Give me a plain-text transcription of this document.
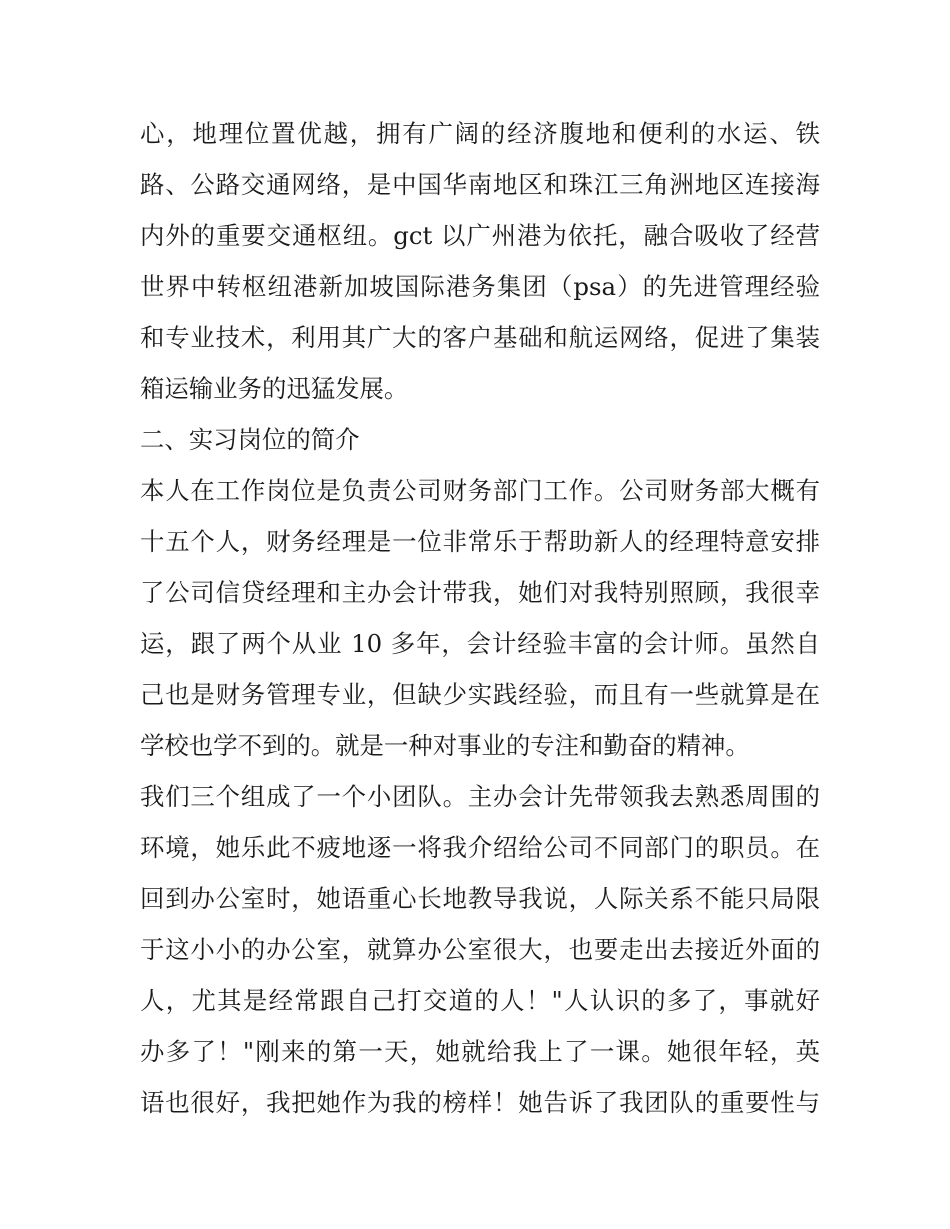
心，地理位置优越，拥有广阔的经济腹地和便利的水运、铁
路、公路交通网络，是中国华南地区和珠江三角洲地区连接海
内外的重要交通枢纽。gct 以广州港为依托，融合吸收了经营
世界中转枢纽港新加坡国际港务集团（psa）的先进管理经验
和专业技术，利用其广大的客户基础和航运网络，促进了集装
箱运输业务的迅猛发展。
二、实习岗位的简介
本人在工作岗位是负责公司财务部门工作。公司财务部大概有
十五个人，财务经理是一位非常乐于帮助新人的经理特意安排
了公司信贷经理和主办会计带我，她们对我特别照顾，我很幸
运，跟了两个从业 10 多年，会计经验丰富的会计师。虽然自
己也是财务管理专业，但缺少实践经验，而且有一些就算是在
学校也学不到的。就是一种对事业的专注和勤奋的精神。
我们三个组成了一个小团队。主办会计先带领我去熟悉周围的
环境，她乐此不疲地逐一将我介绍给公司不同部门的职员。在
回到办公室时，她语重心长地教导我说，人际关系不能只局限
于这小小的办公室，就算办公室很大，也要走出去接近外面的
人，尤其是经常跟自己打交道的人！"人认识的多了，事就好
办多了！"刚来的第一天，她就给我上了一课。她很年轻，英
语也很好，我把她作为我的榜样！她告诉了我团队的重要性与
